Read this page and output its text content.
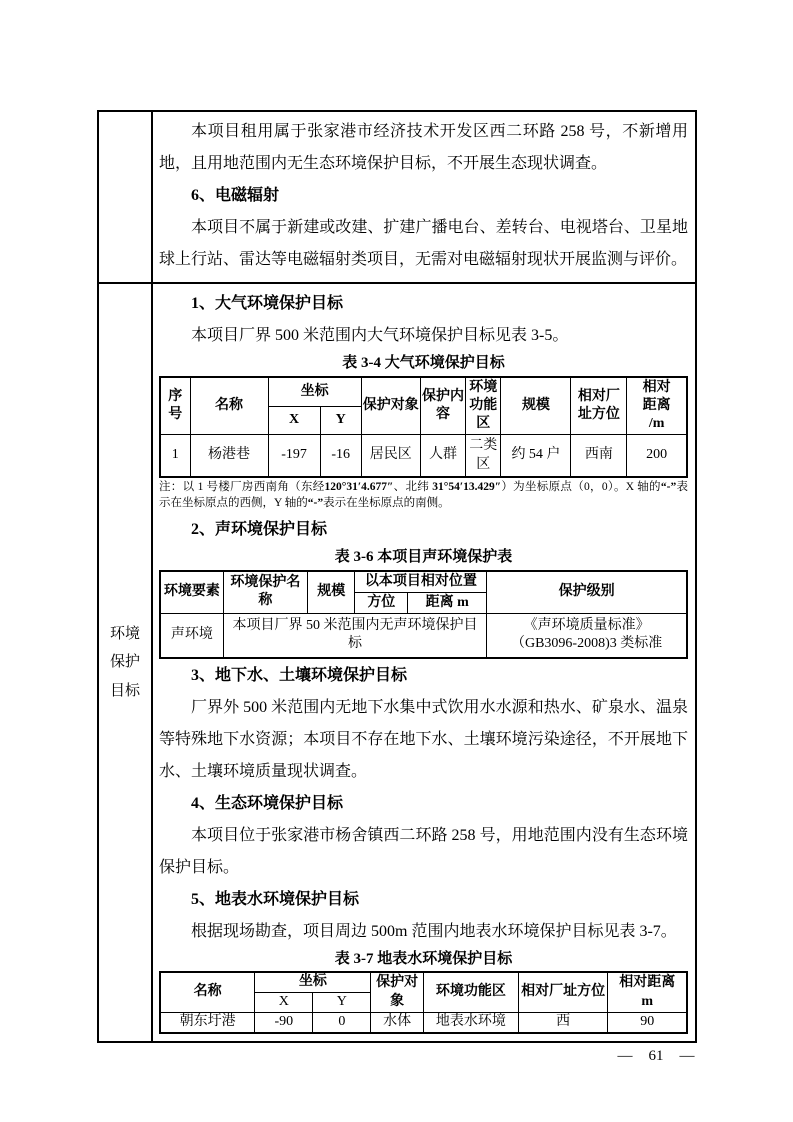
本项目租用属于张家港市经济技术开发区西二环路 258 号，不新增用地，且用地范围内无生态环境保护目标，不开展生态现状调查。

6、电磁辐射

本项目不属于新建或改建、扩建广播电台、差转台、电视塔台、卫星地球上行站、雷达等电磁辐射类项目，无需对电磁辐射现状开展监测与评价。

环境
保护
目标

1、大气环境保护目标

本项目厂界 500 米范围内大气环境保护目标见表 3-5。

表 3-4 大气环境保护目标

序号	名称	坐标		保护对象	保护内容	环境功能区	规模	相对厂址方位	相对
距离
/m

		X	Y						
1	杨港巷	-197	-16	居民区	人群	二类区	约 54 户	西南	200

注：以 1 号楼厂房西南角（东经120°31′4.677″、北纬 31°54′13.429″）为坐标原点（0，0）。X 轴的“-”表示在坐标原点的西侧，Y 轴的“-”表示在坐标原点的南侧。

2、声环境保护目标

表 3-6 本项目声环境保护表

环境要素	环境保护名称	规模	以本项目相对位置		保护级别
			方位	距离 m	
声环境	本项目厂界 50 米范围内无声环境保护目标				《声环境质量标准》
（GB3096-2008)3 类标准

3、地下水、土壤环境保护目标

厂界外 500 米范围内无地下水集中式饮用水水源和热水、矿泉水、温泉等特殊地下水资源；本项目不存在地下水、土壤环境污染途径，不开展地下水、土壤环境质量现状调查。

4、生态环境保护目标

本项目位于张家港市杨舍镇西二环路 258 号，用地范围内没有生态环境保护目标。

5、地表水环境保护目标

根据现场勘查，项目周边 500m 范围内地表水环境保护目标见表 3-7。

表 3-7 地表水环境保护目标

名称	坐标		保护对象	环境功能区	相对厂址方位	相对距离
m

	X	Y				
朝东圩港	-90	0	水体	地表水环境	西	90
— 61 —
